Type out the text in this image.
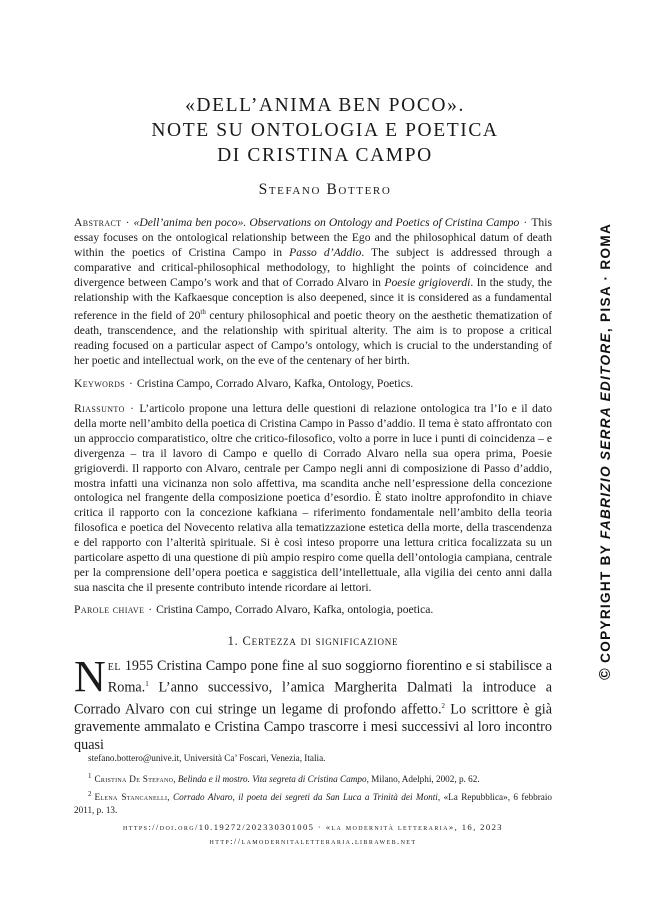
«DELL’ANIMA BEN POCO».
NOTE SU ONTOLOGIA E POETICA
DI CRISTINA CAMPO
Stefano Bottero
Abstract · «Dell’anima ben poco». Observations on Ontology and Poetics of Cristina Campo · This essay focuses on the ontological relationship between the Ego and the philosophical datum of death within the poetics of Cristina Campo in Passo d’Addio. The subject is addressed through a comparative and critical-philosophical methodology, to highlight the points of coincidence and divergence between Campo’s work and that of Corrado Alvaro in Poesie grigioverdi. In the study, the relationship with the Kafkaesque conception is also deepened, since it is considered as a fundamental reference in the field of 20th century philosophical and poetic theory on the aesthetic thematization of death, transcendence, and the relationship with spiritual alterity. The aim is to propose a critical reading focused on a particular aspect of Campo’s ontology, which is crucial to the understanding of her poetic and intellectual work, on the eve of the centenary of her birth.
Keywords · Cristina Campo, Corrado Alvaro, Kafka, Ontology, Poetics.
Riassunto · L’articolo propone una lettura delle questioni di relazione ontologica tra l’Io e il dato della morte nell’ambito della poetica di Cristina Campo in Passo d’addio. Il tema è stato affrontato con un approccio comparatistico, oltre che critico-filosofico, volto a porre in luce i punti di coincidenza – e divergenza – tra il lavoro di Campo e quello di Corrado Alvaro nella sua opera prima, Poesie grigioverdi. Il rapporto con Alvaro, centrale per Campo negli anni di composizione di Passo d’addio, mostra infatti una vicinanza non solo affettiva, ma scandita anche nell’espressione della concezione ontologica nel frangente della composizione poetica d’esordio. È stato inoltre approfondito in chiave critica il rapporto con la concezione kafkiana – riferimento fondamentale nell’ambito della teoria filosofica e poetica del Novecento relativa alla tematizzazione estetica della morte, della trascendenza e del rapporto con l’alterità spirituale. Si è così inteso proporre una lettura critica focalizzata su un particolare aspetto di una questione di più ampio respiro come quella dell’ontologia campiana, centrale per la comprensione dell’opera poetica e saggistica dell’intellettuale, alla vigilia dei cento anni dalla sua nascita che il presente contributo intende ricordare ai lettori.
Parole chiave · Cristina Campo, Corrado Alvaro, Kafka, ontologia, poetica.
1. Certezza di significazione
Nel 1955 Cristina Campo pone fine al suo soggiorno fiorentino e si stabilisce a Roma.$^1$ L’anno successivo, l’amica Margherita Dalmati la introduce a Corrado Alvaro con cui stringe un legame di profondo affetto.$^2$ Lo scrittore è già gravemente ammalato e Cristina Campo trascorre i mesi successivi al loro incontro quasi
stefano.bottero@unive.it, Università Ca’ Foscari, Venezia, Italia.
$^1$ Cristina De Stefano, Belinda e il mostro. Vita segreta di Cristina Campo, Milano, Adelphi, 2002, p. 62.
$^2$ Elena Stancanelli, Corrado Alvaro, il poeta dei segreti da San Luca a Trinità dei Monti, «La Repubblica», 6 febbraio 2011, p. 13.
https://doi.org/10.19272/202330301005 · «la modernità letteraria», 16, 2023
http://lamodernitaletteraria.libraweb.net
©COPYRIGHT BY FABRIZIO SERRA EDITORE, PISA · ROMA
